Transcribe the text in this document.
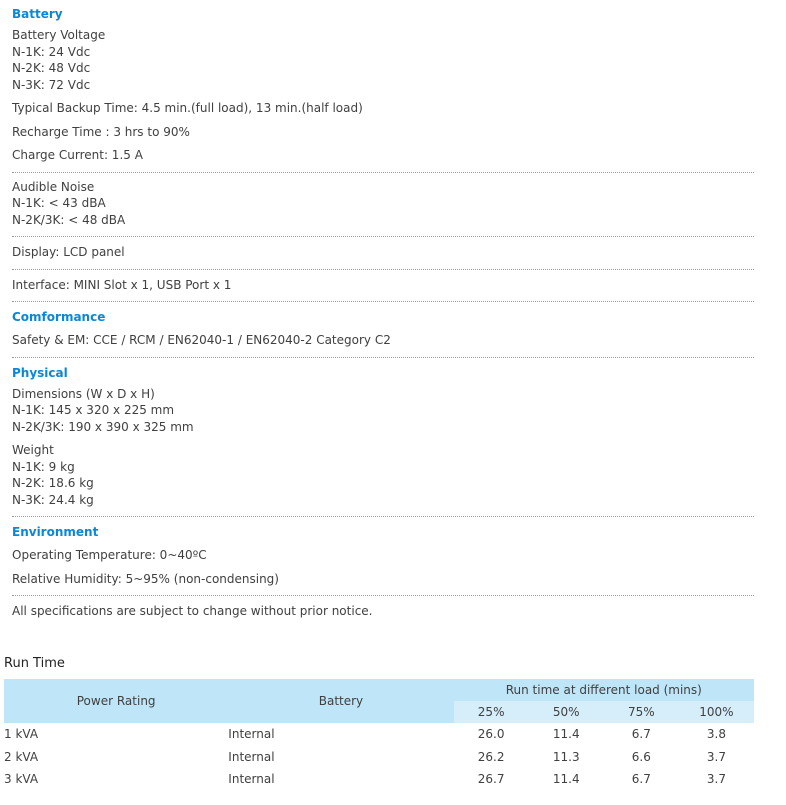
Battery
Battery Voltage
N-1K: 24 Vdc
N-2K: 48 Vdc
N-3K: 72 Vdc
Typical Backup Time: 4.5 min.(full load), 13 min.(half load)
Recharge Time : 3 hrs to 90%
Charge Current: 1.5 A
Audible Noise
N-1K: < 43 dBA
N-2K/3K: < 48 dBA
Display: LCD panel
Interface: MINI Slot x 1, USB Port x 1
Comformance
Safety & EM: CCE / RCM / EN62040-1 / EN62040-2 Category C2
Physical
Dimensions (W x D x H)
N-1K: 145 x 320 x 225 mm
N-2K/3K: 190 x 390 x 325 mm
Weight
N-1K: 9 kg
N-2K: 18.6 kg
N-3K: 24.4 kg
Environment
Operating Temperature: 0~40ºC
Relative Humidity: 5~95% (non-condensing)
All specifications are subject to change without prior notice.
Run Time
Power Rating	Battery	Run time at different load (mins)			
		25%	50%	75%	100%
1 kVA	Internal	26.0	11.4	6.7	3.8
2 kVA	Internal	26.2	11.3	6.6	3.7
3 kVA	Internal	26.7	11.4	6.7	3.7
